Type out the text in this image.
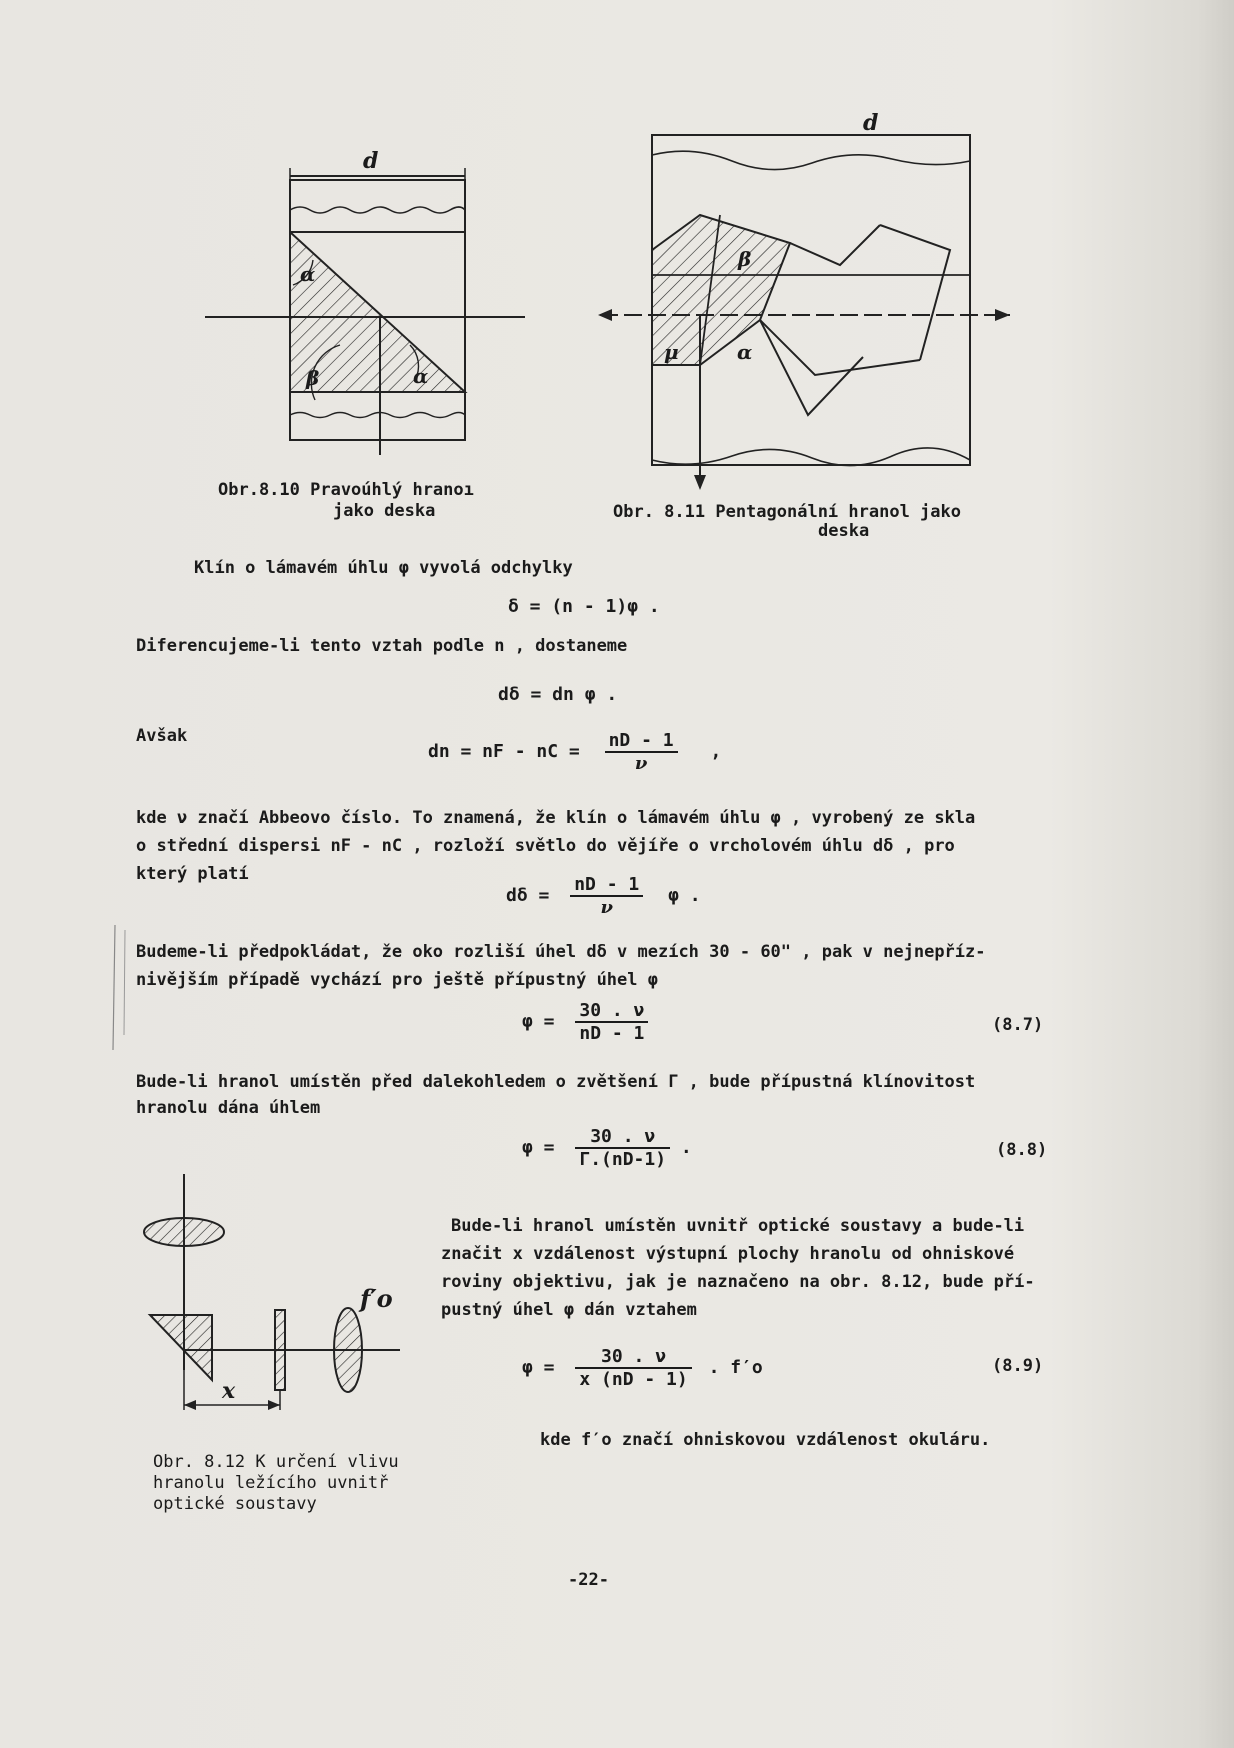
d
α
β	α
Obr.8.10 Pravoúhlý hranoı
jako deska
d
β
μ	α
Obr. 8.11 Pentagonální hranol jako
deska
Klín o lámavém úhlu φ vyvolá odchylky
δ = (n - 1)φ .
Diferencujeme-li tento vztah podle n , dostaneme
dδ = dn φ .
Avšak
dn = nF - nC = $\frac{nD - 1}{\nu}$ ,
kde ν značí Abbeovo číslo. To znamená, že klín o lámavém úhlu φ , vyrobený ze skla
o střední dispersi nF - nC , rozloží světlo do vějíře o vrcholovém úhlu dδ , pro
který platí
$d\delta = \frac{nD - 1}{\nu}$ φ .
Budeme-li předpokládat, že oko rozliší úhel dδ v mezích 30 - 60" , pak v nejnepříz-
nivějším případě vychází pro ještě přípustný úhel φ
$\varphi = \frac{30 . \nu}{nD - 1}$	(8.7)
Bude-li hranol umístěn před dalekohledem o zvětšení Γ , bude přípustná klínovitost
hranolu dána úhlem
$\varphi = \frac{30 . \nu}{\Gamma.(nD-1)}$ .	(8.8)
x
f′o
Obr. 8.12 K určení vlivu
hranolu ležícího uvnitř
optické soustavy
Bude-li hranol umístěn uvnitř optické soustavy a bude-li
značit x vzdálenost výstupní plochy hranolu od ohniskové
roviny objektivu, jak je naznačeno na obr. 8.12, bude pří-
pustný úhel φ dán vztahem
$\varphi = \frac{30 . \nu}{x (nD - 1)}$ . f′o	(8.9)
kde f′o značí ohniskovou vzdálenost okuláru.
-22-
